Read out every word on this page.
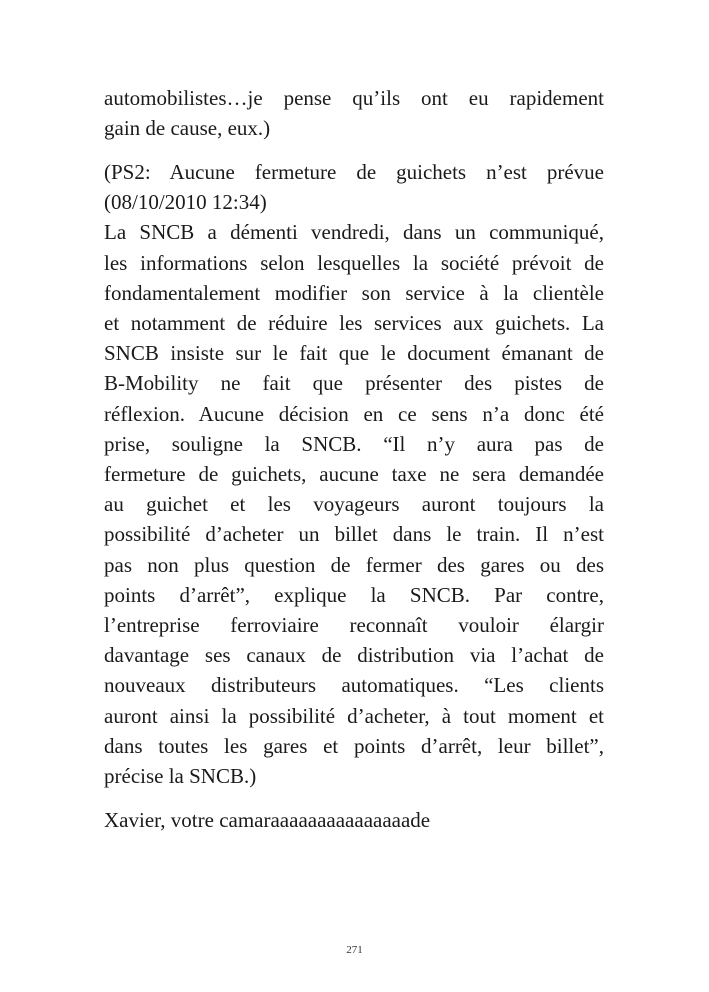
automobilistes…je pense qu’ils ont eu rapidement
gain de cause, eux.)
(PS2: Aucune fermeture de guichets n’est prévue
(08/10/2010 12:34)
La SNCB a démenti vendredi, dans un communiqué,
les informations selon lesquelles la société prévoit de
fondamentalement modifier son service à la clientèle
et notamment de réduire les services aux guichets. La
SNCB insiste sur le fait que le document émanant de
B-Mobility ne fait que présenter des pistes de
réflexion. Aucune décision en ce sens n’a donc été
prise, souligne la SNCB. “Il n’y aura pas de
fermeture de guichets, aucune taxe ne sera demandée
au guichet et les voyageurs auront toujours la
possibilité d’acheter un billet dans le train. Il n’est
pas non plus question de fermer des gares ou des
points d’arrêt”, explique la SNCB. Par contre,
l’entreprise ferroviaire reconnaît vouloir élargir
davantage ses canaux de distribution via l’achat de
nouveaux distributeurs automatiques. “Les clients
auront ainsi la possibilité d’acheter, à tout moment et
dans toutes les gares et points d’arrêt, leur billet”,
précise la SNCB.)
Xavier, votre camaraaaaaaaaaaaaaaade
271
